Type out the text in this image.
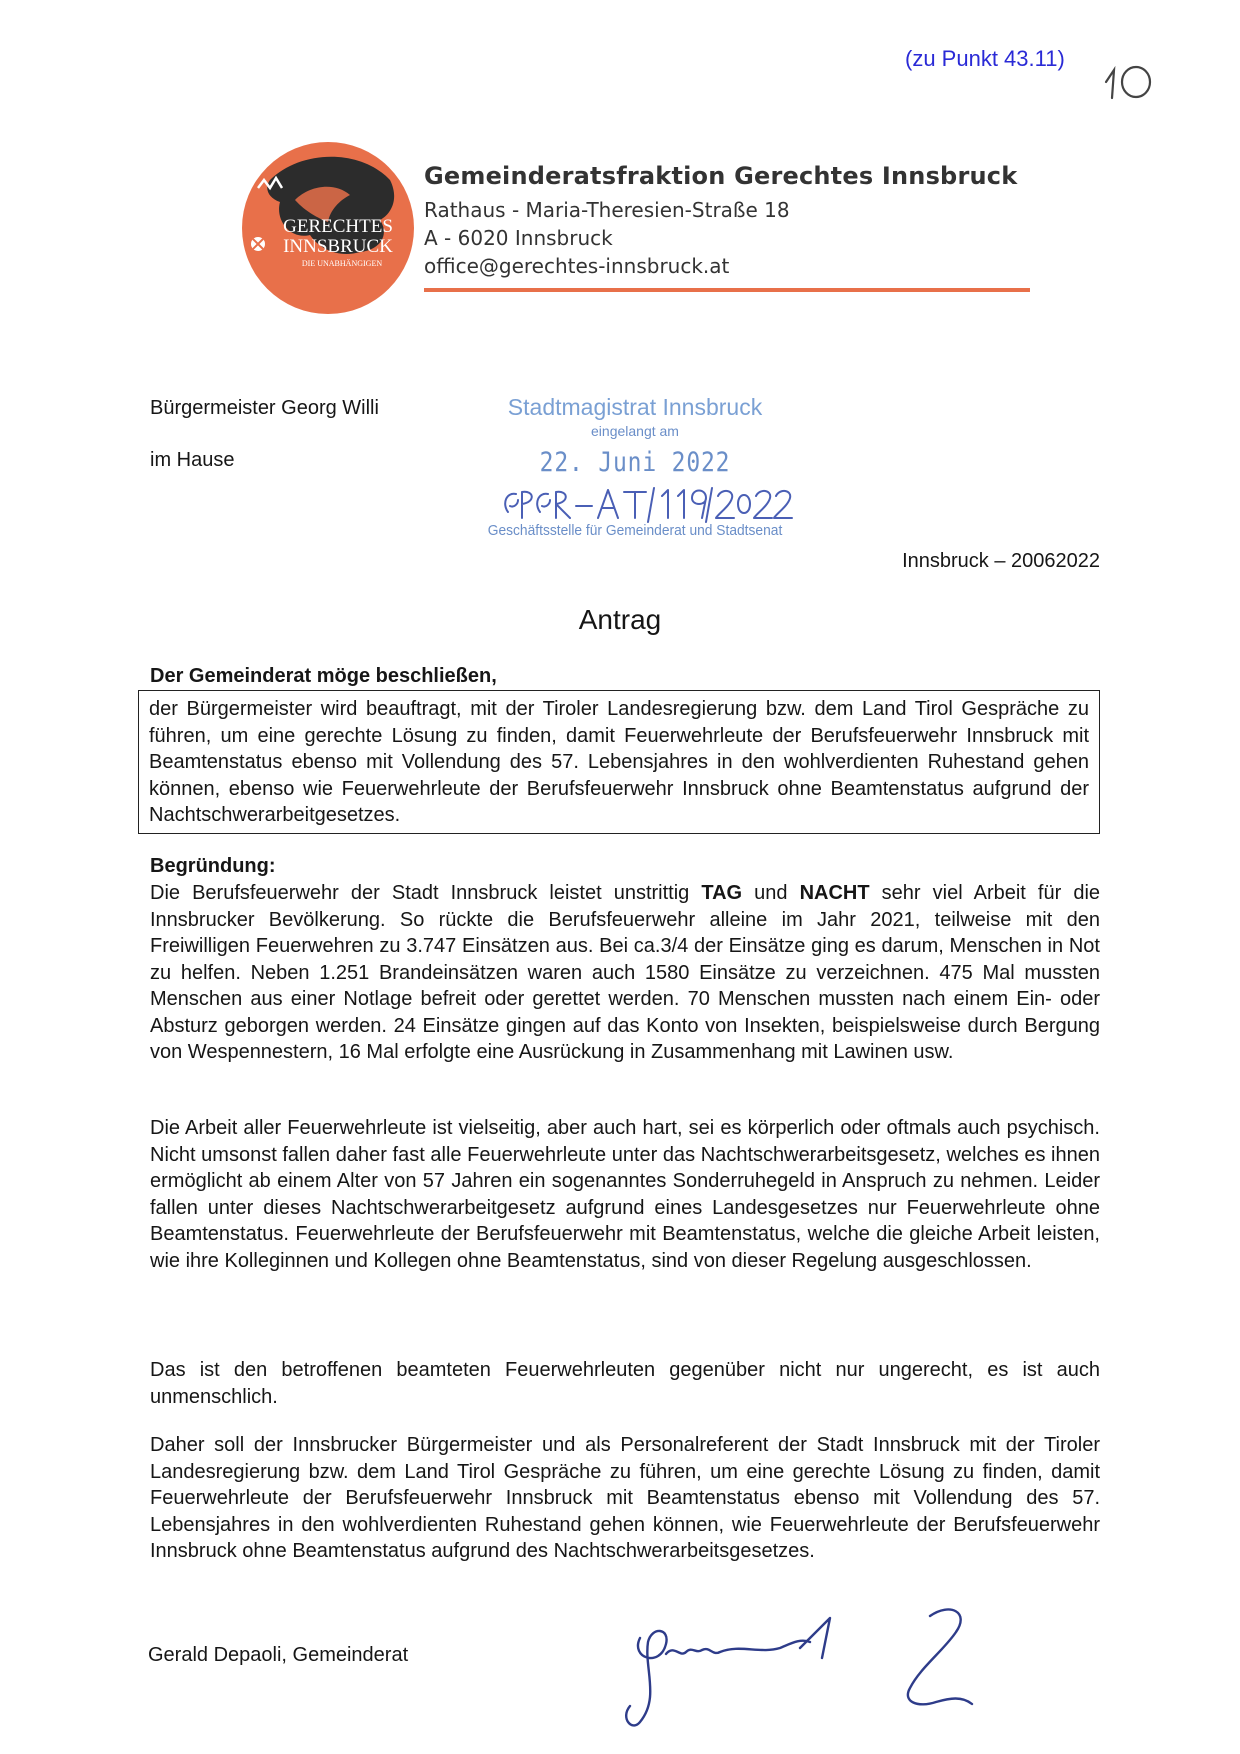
(zu Punkt 43.11)
GERECHTES
INNSBRUCK
DIE UNABHÄNGIGEN
Gemeinderatsfraktion Gerechtes Innsbruck
Rathaus - Maria-Theresien-Straße 18
A - 6020 Innsbruck
office@gerechtes-innsbruck.at
Bürgermeister Georg Willi
im Hause
Stadtmagistrat Innsbruck
eingelangt am
22. Juni 2022
Geschäftsstelle für Gemeinderat und Stadtsenat
Innsbruck – 20062022
Antrag
Der Gemeinderat möge beschließen,
der Bürgermeister wird beauftragt, mit der Tiroler Landesregierung bzw. dem Land Tirol Gespräche zu führen, um eine gerechte Lösung zu finden, damit Feuerwehrleute der Berufsfeuerwehr Innsbruck mit Beamtenstatus ebenso mit Vollendung des 57. Lebensjahres in den wohlverdienten Ruhestand gehen können, ebenso wie Feuerwehrleute der Berufsfeuerwehr Innsbruck ohne Beamtenstatus aufgrund der Nachtschwerarbeitgesetzes.
Begründung:
Die Berufsfeuerwehr der Stadt Innsbruck leistet unstrittig TAG und NACHT sehr viel Arbeit für die Innsbrucker Bevölkerung. So rückte die Berufsfeuerwehr alleine im Jahr 2021, teilweise mit den Freiwilligen Feuerwehren zu 3.747 Einsätzen aus. Bei ca.3/4 der Einsätze ging es darum, Menschen in Not zu helfen. Neben 1.251 Brandeinsätzen waren auch 1580 Einsätze zu verzeichnen. 475 Mal mussten Menschen aus einer Notlage befreit oder gerettet werden. 70 Menschen mussten nach einem Ein- oder Absturz geborgen werden. 24 Einsätze gingen auf das Konto von Insekten, beispielsweise durch Bergung von Wespennestern, 16 Mal erfolgte eine Ausrückung in Zusammenhang mit Lawinen usw.
Die Arbeit aller Feuerwehrleute ist vielseitig, aber auch hart, sei es körperlich oder oftmals auch psychisch. Nicht umsonst fallen daher fast alle Feuerwehrleute unter das Nachtschwerarbeitsgesetz, welches es ihnen ermöglicht ab einem Alter von 57 Jahren ein sogenanntes Sonderruhegeld in Anspruch zu nehmen. Leider fallen unter dieses Nachtschwerarbeitgesetz aufgrund eines Landesgesetzes nur Feuerwehrleute ohne Beamtenstatus. Feuerwehrleute der Berufsfeuerwehr mit Beamtenstatus, welche die gleiche Arbeit leisten, wie ihre Kolleginnen und Kollegen ohne Beamtenstatus, sind von dieser Regelung ausgeschlossen.
Das ist den betroffenen beamteten Feuerwehrleuten gegenüber nicht nur ungerecht, es ist auch unmenschlich.
Daher soll der Innsbrucker Bürgermeister und als Personalreferent der Stadt Innsbruck mit der Tiroler Landesregierung bzw. dem Land Tirol Gespräche zu führen, um eine gerechte Lösung zu finden, damit Feuerwehrleute der Berufsfeuerwehr Innsbruck mit Beamtenstatus ebenso mit Vollendung des 57. Lebensjahres in den wohlverdienten Ruhestand gehen können, wie Feuerwehrleute der Berufsfeuerwehr Innsbruck ohne Beamtenstatus aufgrund des Nachtschwerarbeitsgesetzes.
Gerald Depaoli, Gemeinderat
